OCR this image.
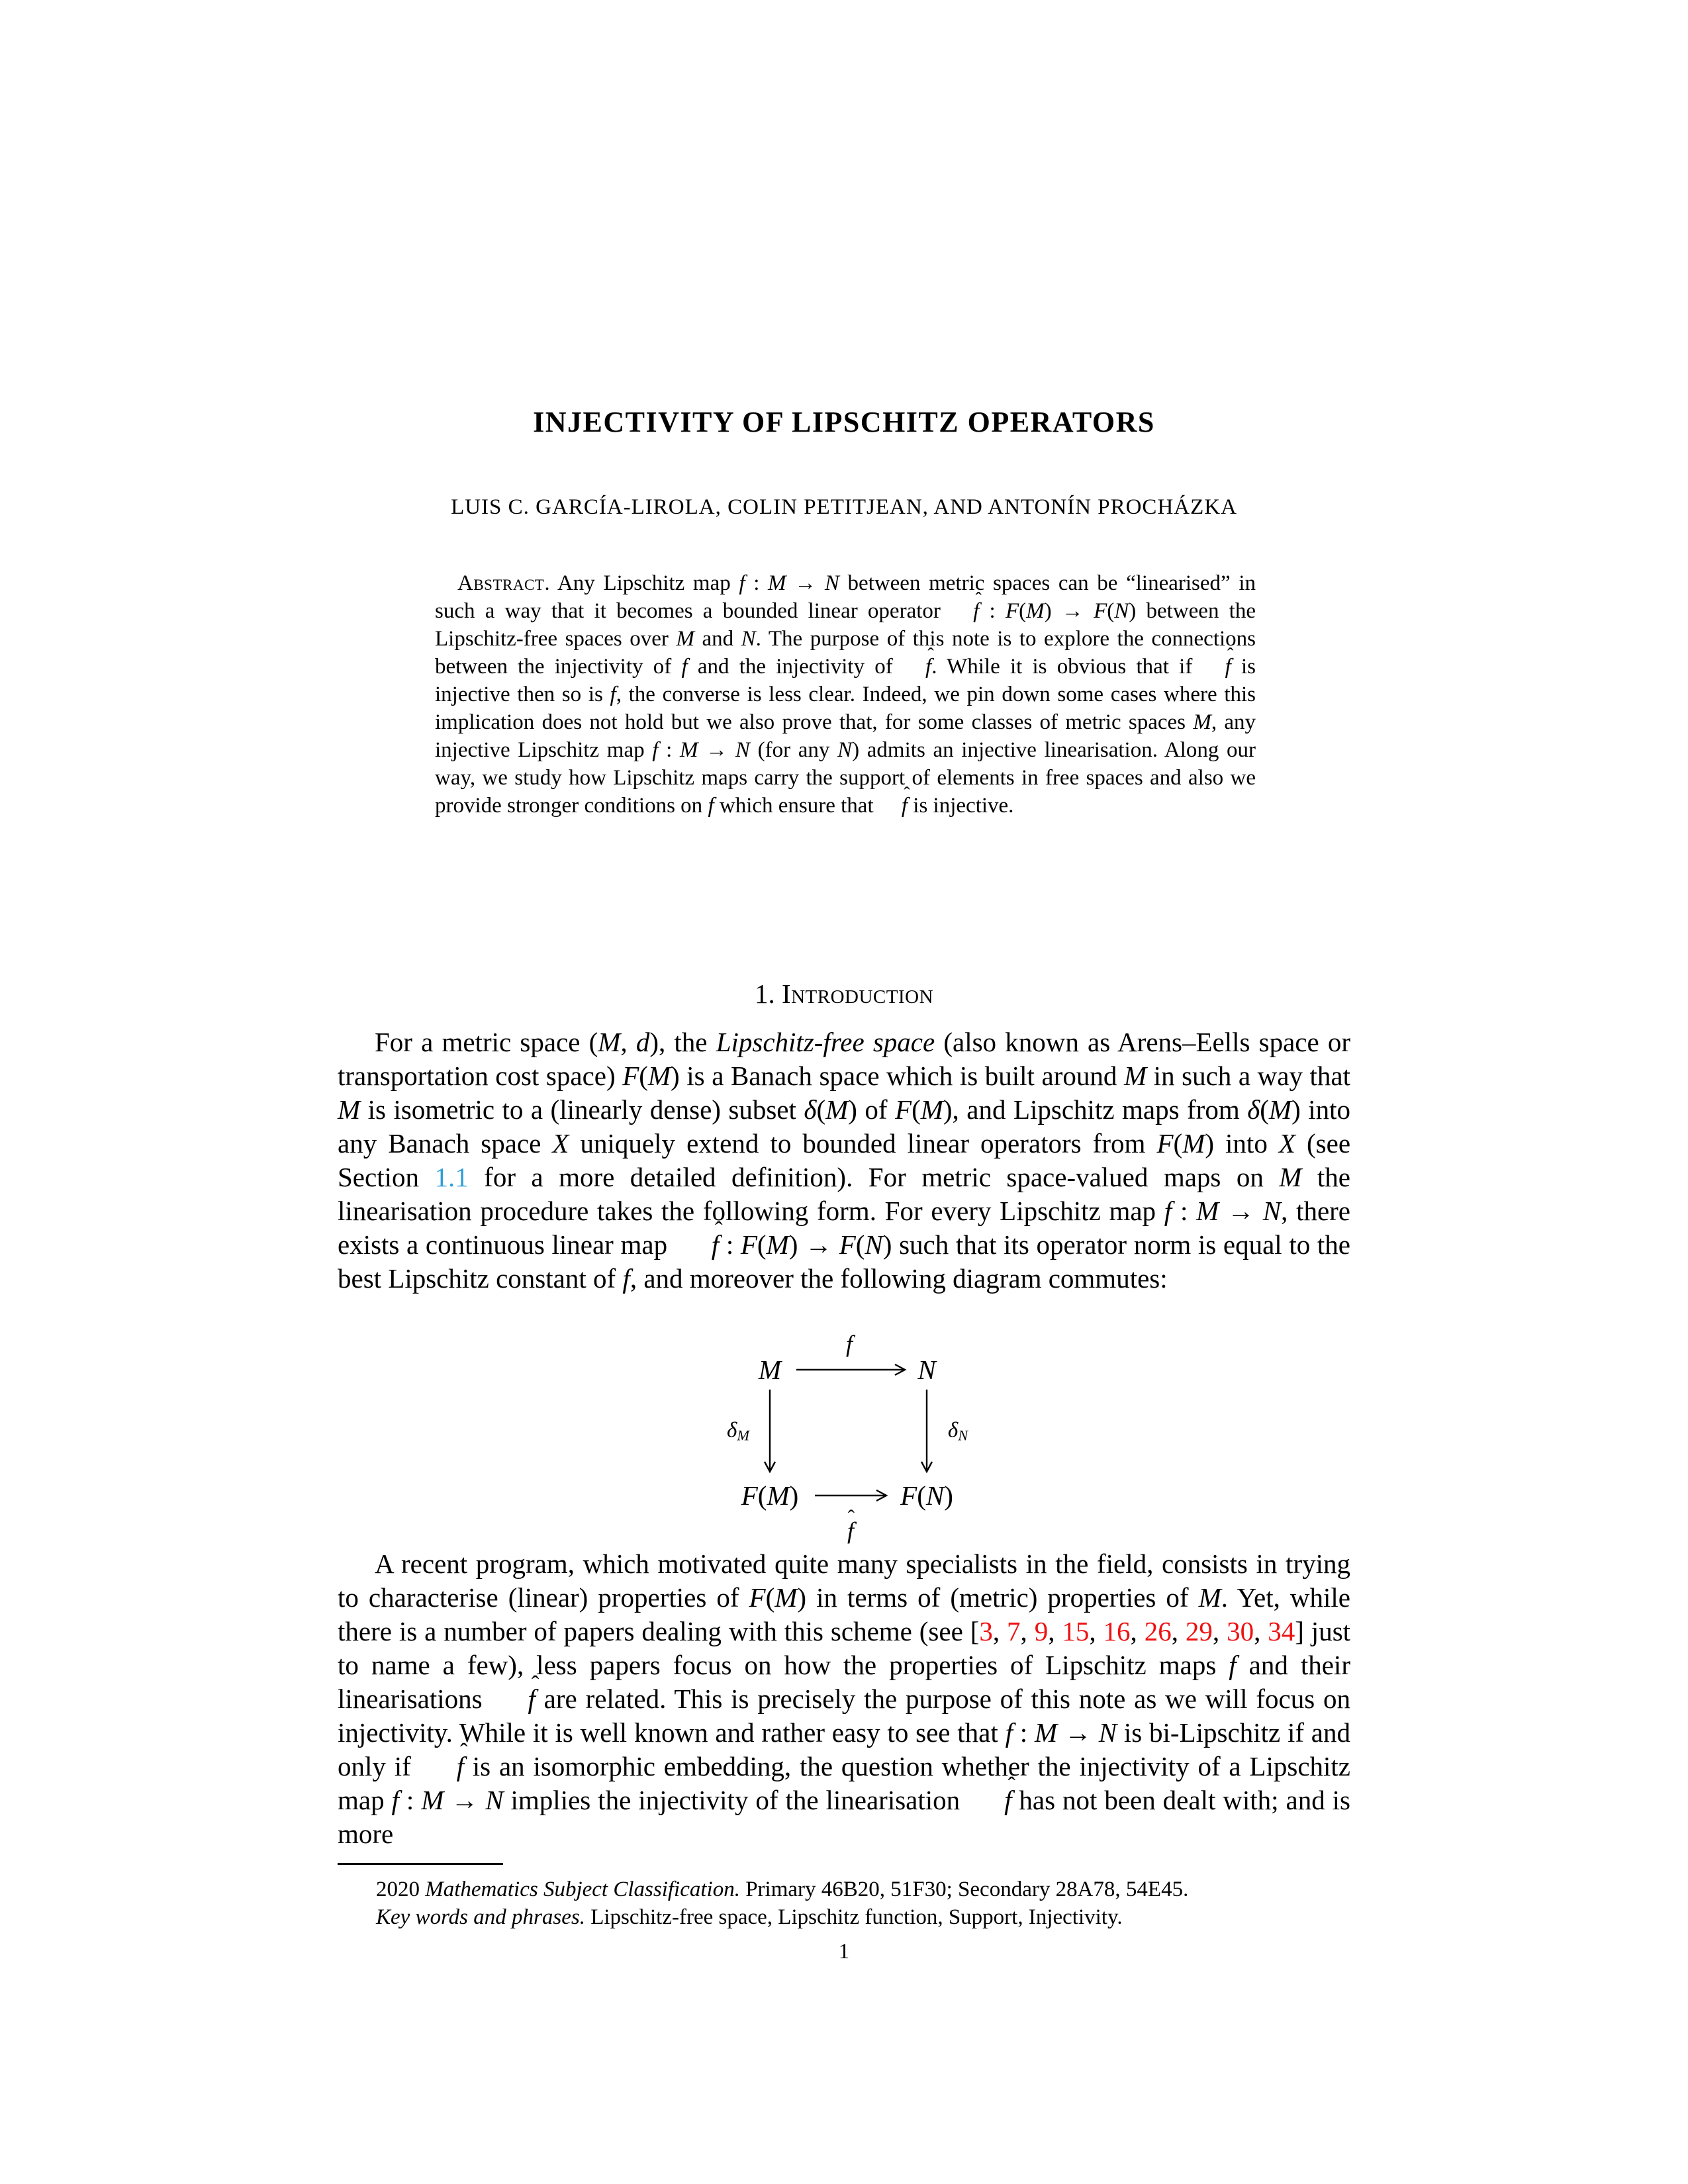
INJECTIVITY OF LIPSCHITZ OPERATORS
LUIS C. GARCÍA-LIROLA, COLIN PETITJEAN, AND ANTONÍN PROCHÁZKA

Abstract. Any Lipschitz map f : M → N between metric spaces can be “linearised” in such a way that it becomes a bounded linear operator f ˆ : F(M) → F(N) between the Lipschitz-free spaces over M and N. The purpose of this note is to explore the connections between the injectivity of f and the injectivity of f ˆ. While it is obvious that if f ˆ is injective then so is f, the converse is less clear. Indeed, we pin down some cases where this implication does not hold but we also prove that, for some classes of metric spaces M, any injective Lipschitz map f : M → N (for any N) admits an injective linearisation. Along our way, we study how Lipschitz maps carry the support of elements in free spaces and also we provide stronger conditions on f which ensure that f ˆ is injective.

1. Introduction

For a metric space (M, d), the Lipschitz-free space (also known as Arens–Eells space or transportation cost space) F(M) is a Banach space which is built around M in such a way that M is isometric to a (linearly dense) subset δ(M) of F(M), and Lipschitz maps from δ(M) into any Banach space X uniquely extend to bounded linear operators from F(M) into X (see Section 1.1 for a more detailed definition). For metric space-valued maps on M the linearisation procedure takes the following form. For every Lipschitz map f : M → N, there exists a continuous linear map f ˆ : F(M) → F(N) such that its operator norm is equal to the best Lipschitz constant of f, and moreover the following diagram commutes:

M	N
F(M)	F(N)
f
δM	δN
f ˆ

A recent program, which motivated quite many specialists in the field, consists in trying to characterise (linear) properties of F(M) in terms of (metric) properties of M. Yet, while there is a number of papers dealing with this scheme (see [3, 7, 9, 15, 16, 26, 29, 30, 34] just to name a few), less papers focus on how the properties of Lipschitz maps f and their linearisations f ˆ are related. This is precisely the purpose of this note as we will focus on injectivity. While it is well known and rather easy to see that f : M → N is bi-Lipschitz if and only if f ˆ is an isomorphic embedding, the question whether the injectivity of a Lipschitz map f : M → N implies the injectivity of the linearisation f ˆ has not been dealt with; and is more

2020 Mathematics Subject Classification. Primary 46B20, 51F30; Secondary 28A78, 54E45.

Key words and phrases. Lipschitz-free space, Lipschitz function, Support, Injectivity.

1
